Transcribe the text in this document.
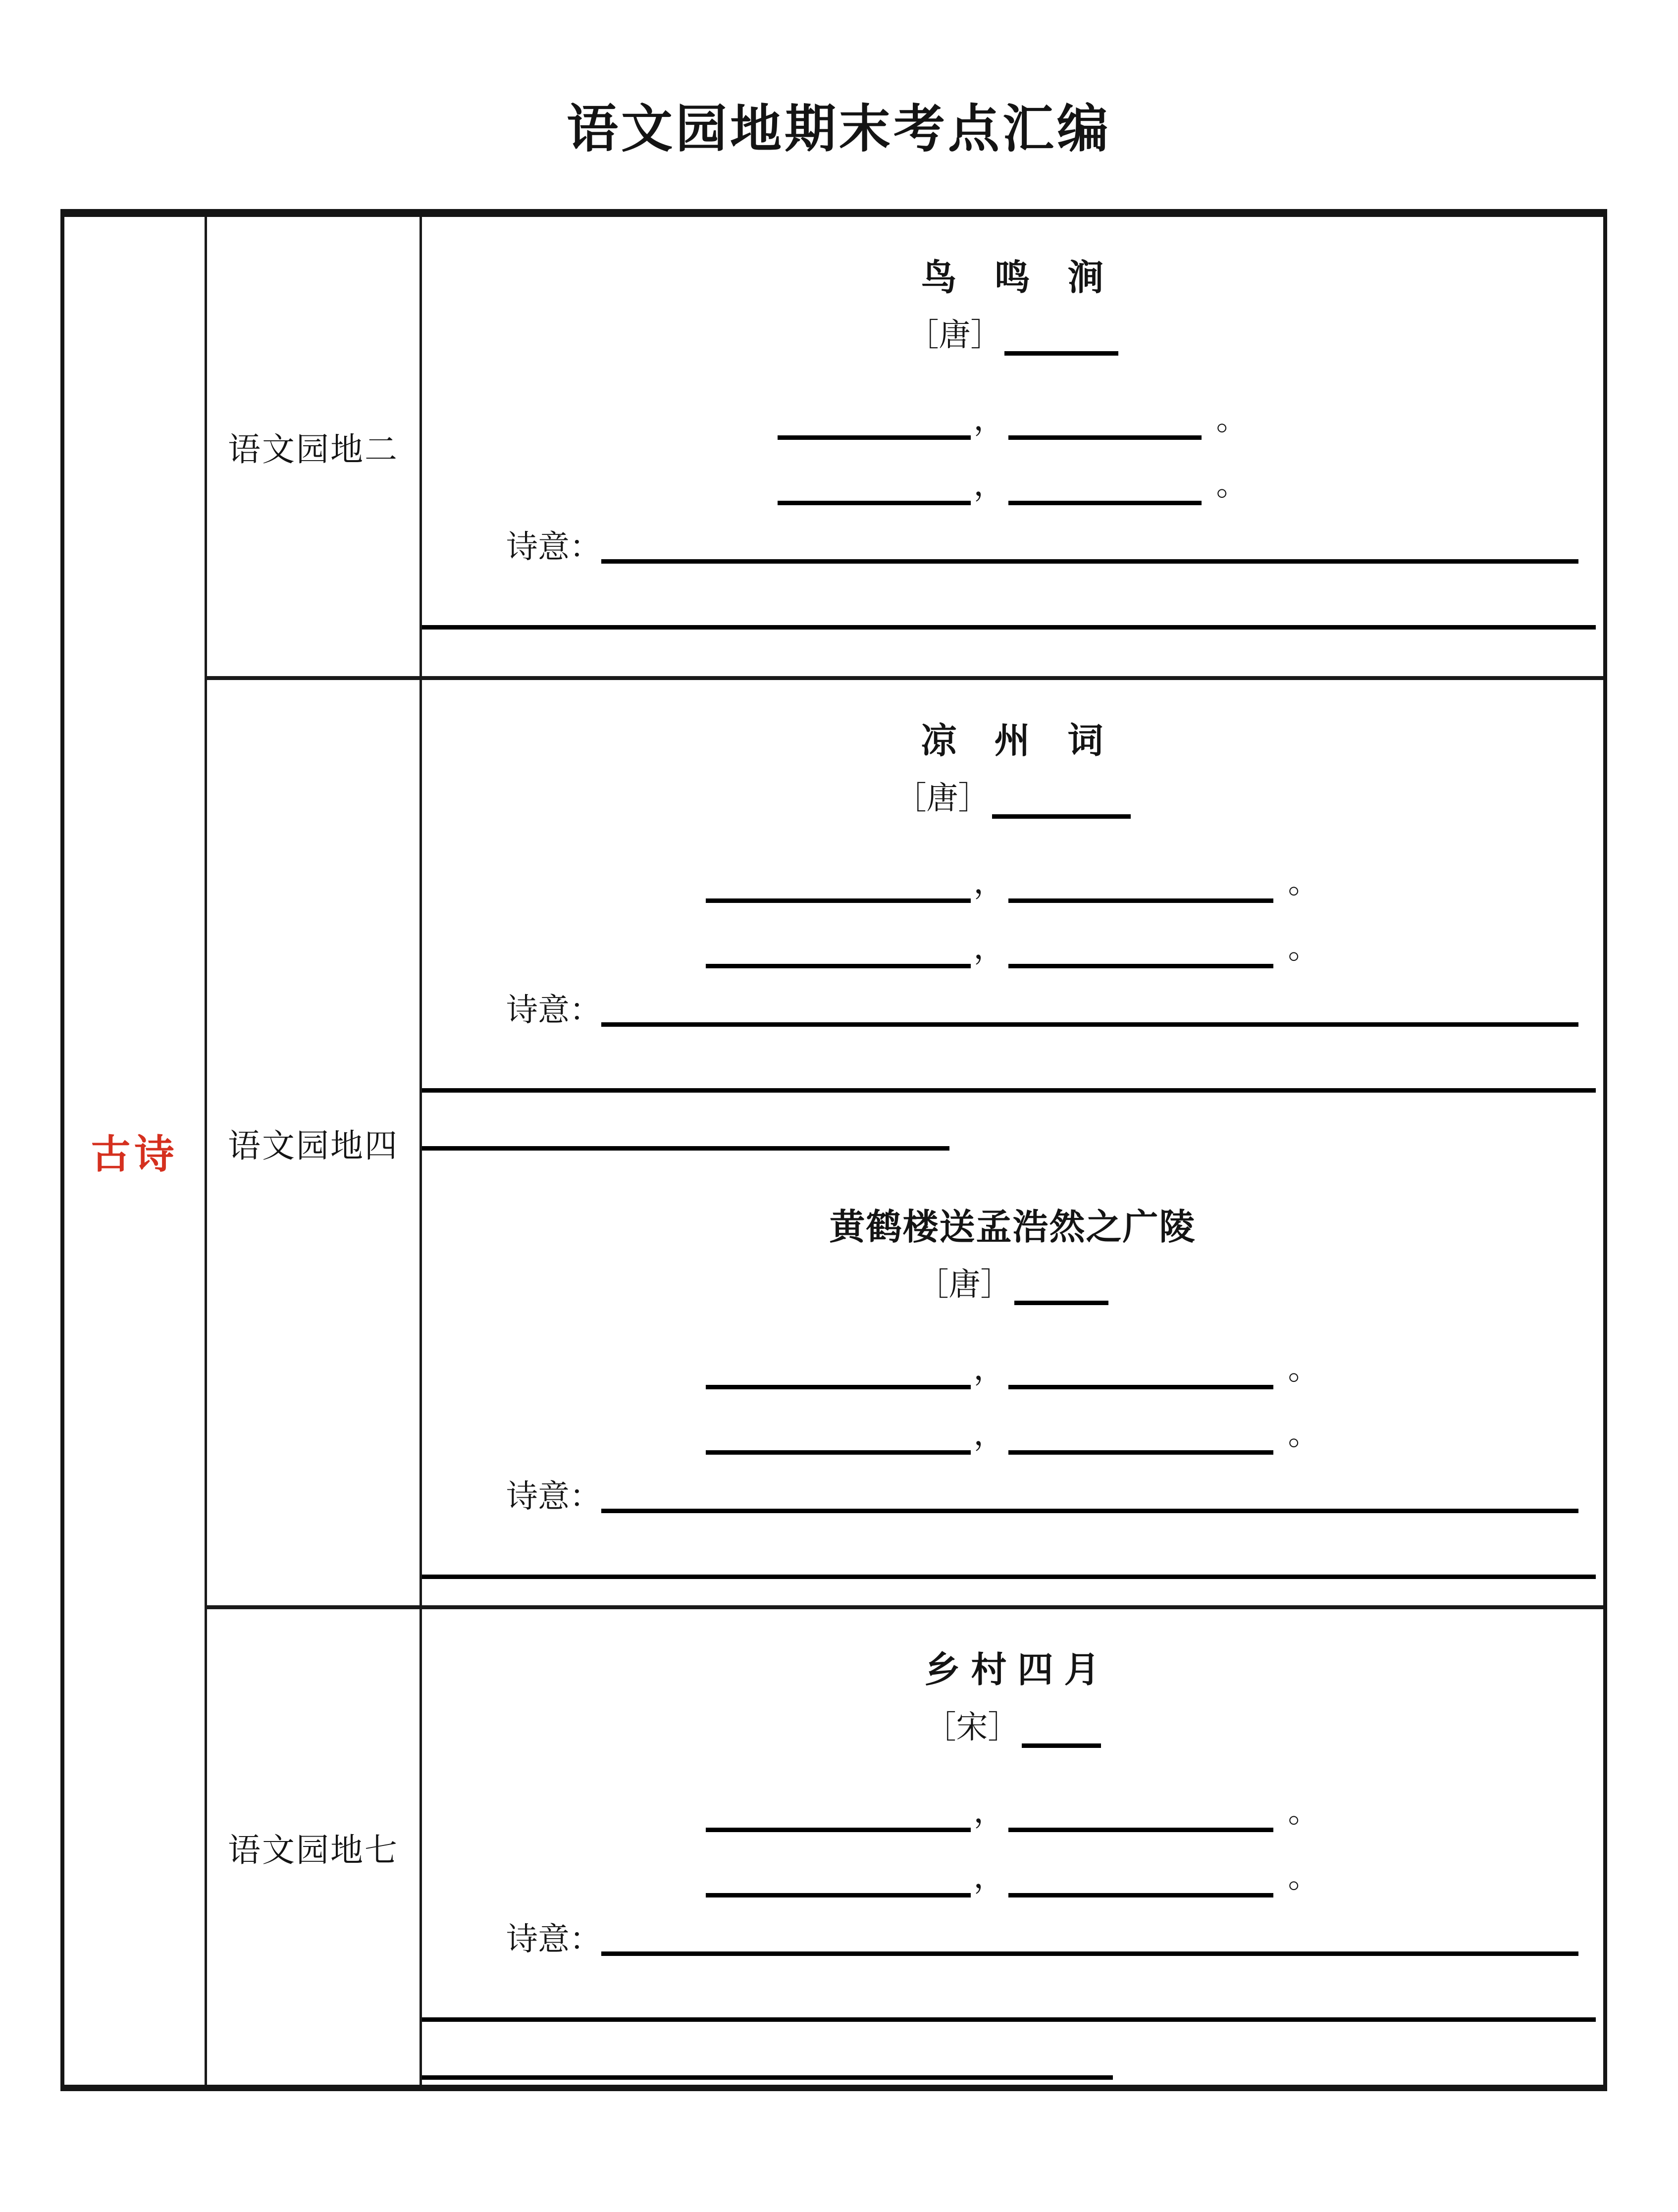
语文园地期末考点汇编
古诗
语文园地二
鸟　鸣　涧
［唐］
，	。
，	。
诗意：
语文园地四
凉　州　词
［唐］
，	。
，	。
诗意：
黄鹤楼送孟浩然之广陵
［唐］
，	。
，	。
诗意：
语文园地七
乡 村 四 月
［宋］
，	。
，	。
诗意：
